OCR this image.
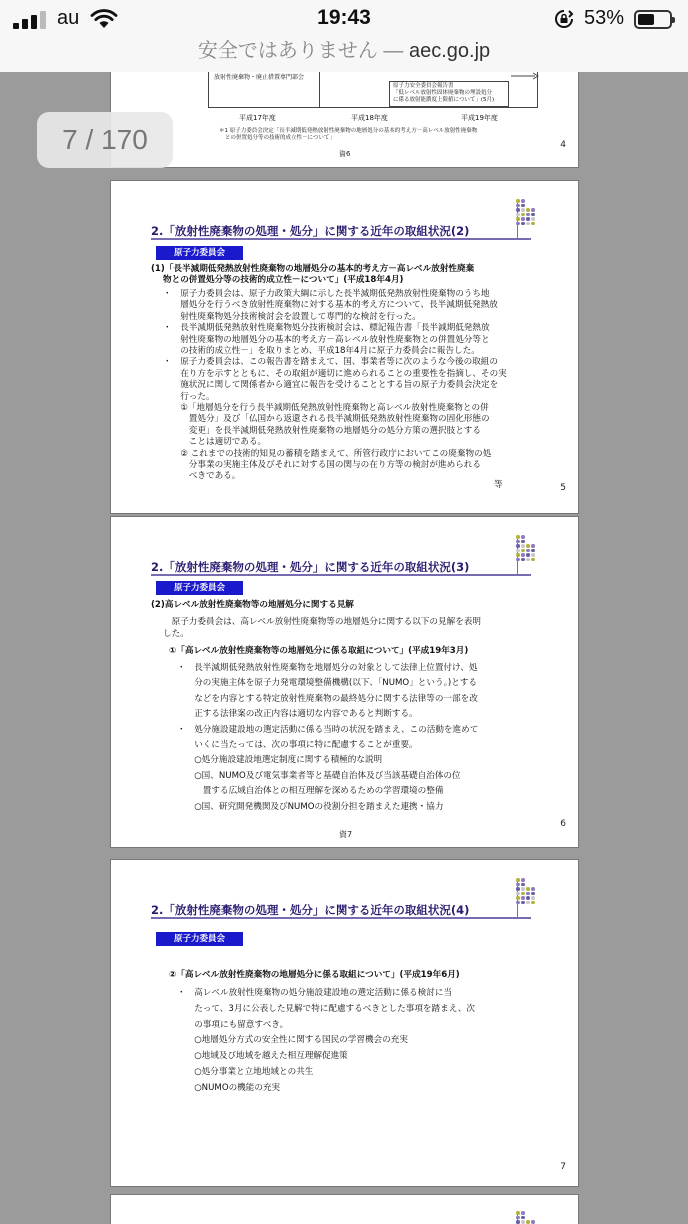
au	19:43	53%
安全ではありません — aec.go.jp
7 / 170
放射性廃棄物・廃止措置専門部会
原子力安全委員会報告書
「低レベル放射性固体廃棄物の埋設処分
に係る放射能濃度上限値について」(5月)
平成17年度	平成18年度	平成19年度
＊1 原子力委員会決定「長半減期低発熱放射性廃棄物の地層処分の基本的考え方－高レベル放射性廃棄物
との併置処分等の技術的成立性－について」
資6
4
2.「放射性廃棄物の処理・処分」に関する近年の取組状況(2)
原子力委員会
(1)「長半減期低発熱放射性廃棄物の地層処分の基本的考え方－高レベル放射性廃棄
物との併置処分等の技術的成立性－について」(平成18年4月)
・　原子力委員会は、原子力政策大綱に示した長半減期低発熱放射性廃棄物のうち地
　　層処分を行うべき放射性廃棄物に対する基本的考え方について、長半減期低発熱放
　　射性廃棄物処分技術検討会を設置して専門的な検討を行った。
・　長半減期低発熱放射性廃棄物処分技術検討会は、標記報告書「長半減期低発熱放
　　射性廃棄物の地層処分の基本的考え方－高レベル放射性廃棄物との併置処分等と
　　の技術的成立性－」を取りまとめ、平成18年4月に原子力委員会に報告した。
・　原子力委員会は、この報告書を踏まえて、国、事業者等に次のような今後の取組の
　　在り方を示すとともに、その取組が適切に進められることの重要性を指摘し、その実
　　施状況に関して関係者から適宜に報告を受けることとする旨の原子力委員会決定を
　　行った。
　　①「地層処分を行う長半減期低発熱放射性廃棄物と高レベル放射性廃棄物との併
　　　置処分」及び「仏国から返還される長半減期低発熱放射性廃棄物の固化形態の
　　　変更」を長半減期低発熱放射性廃棄物の地層処分の処分方策の選択肢とする
　　　ことは適切である。
　　② これまでの技術的知見の蓄積を踏まえて、所管行政庁においてこの廃棄物の処
　　　分事業の実施主体及びそれに対する国の関与の在り方等の検討が進められる
　　　べきである。
等	5
2.「放射性廃棄物の処理・処分」に関する近年の取組状況(3)
原子力委員会
(2)高レベル放射性廃棄物等の地層処分に関する見解
　原子力委員会は、高レベル放射性廃棄物等の地層処分に関する以下の見解を表明
した。
①「高レベル放射性廃棄物等の地層処分に係る取組について」(平成19年3月)
・　長半減期低発熱放射性廃棄物を地層処分の対象として法律上位置付け、処
　　分の実施主体を原子力発電環境整備機構(以下、「NUMO」という。)とする
　　などを内容とする特定放射性廃棄物の最終処分に関する法律等の一部を改
　　正する法律案の改正内容は適切な内容であると判断する。
・　処分施設建設地の選定活動に係る当時の状況を踏まえ、この活動を進めて
　　いくに当たっては、次の事項に特に配慮することが重要。
　　○処分施設建設地選定制度に関する積極的な説明
　　○国、NUMO及び電気事業者等と基礎自治体及び当該基礎自治体の位
　　　置する広域自治体との相互理解を深めるための学習環境の整備
　　○国、研究開発機関及びNUMOの役割分担を踏まえた連携・協力
資7
6
2.「放射性廃棄物の処理・処分」に関する近年の取組状況(4)
原子力委員会
②「高レベル放射性廃棄物の地層処分に係る取組について」(平成19年6月)
・　高レベル放射性廃棄物の処分施設建設地の選定活動に係る検討に当
　　たって、3月に公表した見解で特に配慮するべきとした事項を踏まえ、次
　　の事項にも留意すべき。
　　○地層処分方式の安全性に関する国民の学習機会の充実
　　○地域及び地域を越えた相互理解促進策
　　○処分事業と立地地域との共生
　　○NUMOの機能の充実
7
